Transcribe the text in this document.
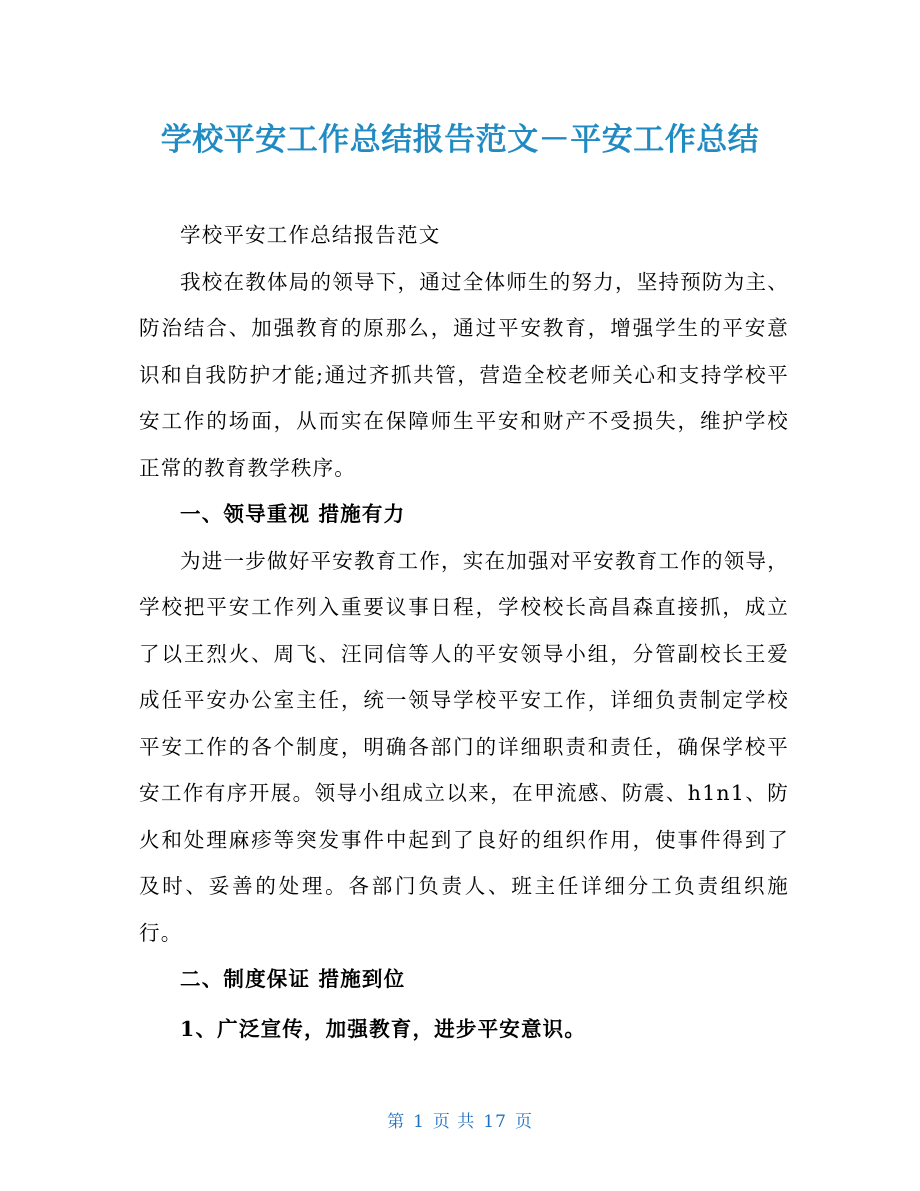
学校平安工作总结报告范文－平安工作总结

学校平安工作总结报告范文

我校在教体局的领导下，通过全体师生的努力，坚持预防为主、防治结合、加强教育的原那么，通过平安教育，增强学生的平安意识和自我防护才能;通过齐抓共管，营造全校老师关心和支持学校平安工作的场面，从而实在保障师生平安和财产不受损失，维护学校正常的教育教学秩序。

一、领导重视 措施有力

为进一步做好平安教育工作，实在加强对平安教育工作的领导，学校把平安工作列入重要议事日程，学校校长高昌森直接抓，成立了以王烈火、周飞、汪同信等人的平安领导小组，分管副校长王爱成任平安办公室主任，统一领导学校平安工作，详细负责制定学校平安工作的各个制度，明确各部门的详细职责和责任，确保学校平安工作有序开展。领导小组成立以来，在甲流感、防震、h1n1、防火和处理麻疹等突发事件中起到了良好的组织作用，使事件得到了及时、妥善的处理。各部门负责人、班主任详细分工负责组织施行。

二、制度保证 措施到位

1、广泛宣传，加强教育，进步平安意识。

第 1 页 共 17 页
